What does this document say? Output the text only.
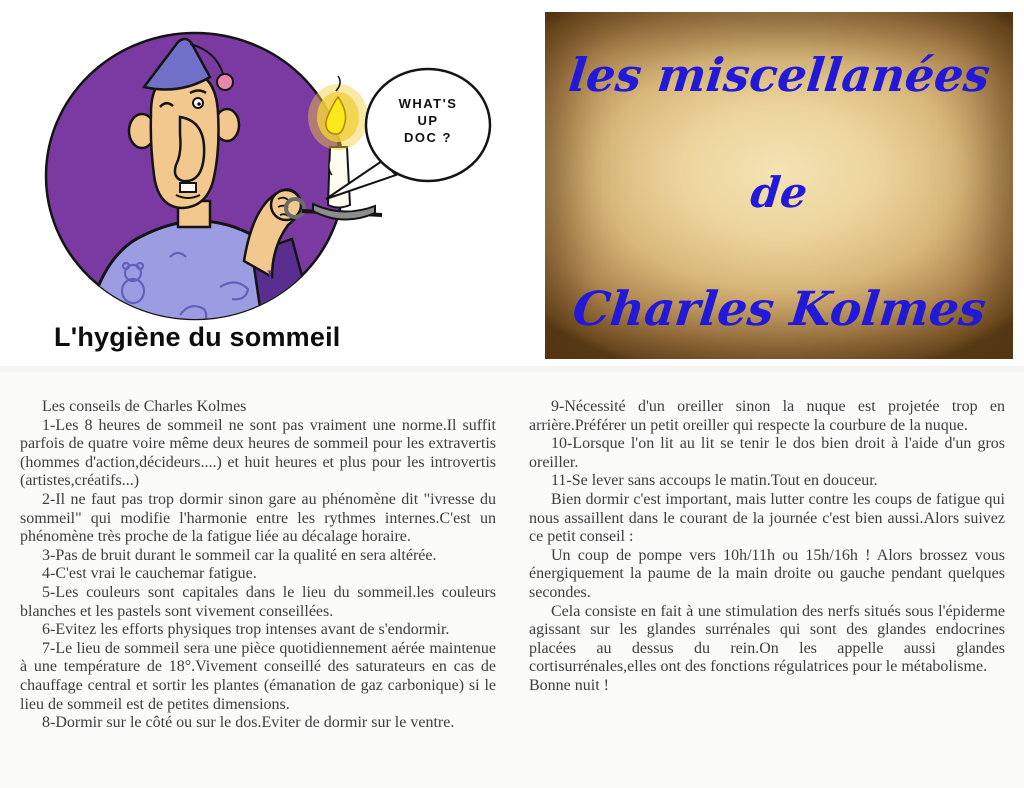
WHAT'S
UP
DOC ?
W
L'hygiène du sommeil
les miscellanées
de
Charles Kolmes

Les conseils de Charles Kolmes

1-Les 8 heures de sommeil ne sont pas vraiment une norme.Il suffit parfois de quatre voire même deux heures de sommeil pour les extravertis (hommes d'action,décideurs....) et huit heures et plus pour les introvertis (artistes,créatifs...)

2-Il ne faut pas trop dormir sinon gare au phénomène dit "ivresse du sommeil" qui modifie l'harmonie entre les rythmes internes.C'est un phénomène très proche de la fatigue liée au décalage horaire.

3-Pas de bruit durant le sommeil car la qualité en sera altérée.

4-C'est vrai le cauchemar fatigue.

5-Les couleurs sont capitales dans le lieu du sommeil.les couleurs blanches et les pastels sont vivement conseillées.

6-Evitez les efforts physiques trop intenses avant de s'endormir.

7-Le lieu de sommeil sera une pièce quotidiennement aérée maintenue à une température de 18°.Vivement conseillé des saturateurs en cas de chauffage central et sortir les plantes (émanation de gaz carbonique) si le lieu de sommeil est de petites dimensions.

8-Dormir sur le côté ou sur le dos.Eviter de dormir sur le ventre.

9-Nécessité d'un oreiller sinon la nuque est projetée trop en arrière.Préférer un petit oreiller qui respecte la courbure de la nuque.

10-Lorsque l'on lit au lit se tenir le dos bien droit à l'aide d'un gros oreiller.

11-Se lever sans accoups le matin.Tout en douceur.

Bien dormir c'est important, mais lutter contre les coups de fatigue qui nous assaillent dans le courant de la journée c'est bien aussi.Alors suivez ce petit conseil :

Un coup de pompe vers 10h/11h ou 15h/16h ! Alors brossez vous énergiquement la paume de la main droite ou gauche pendant quelques secondes.

Cela consiste en fait à une stimulation des nerfs situés sous l'épiderme agissant sur les glandes surrénales qui sont des glandes endocrines placées au dessus du rein.On les appelle aussi glandes cortisurrénales,elles ont des fonctions régulatrices pour le métabolisme.

Bonne nuit !
